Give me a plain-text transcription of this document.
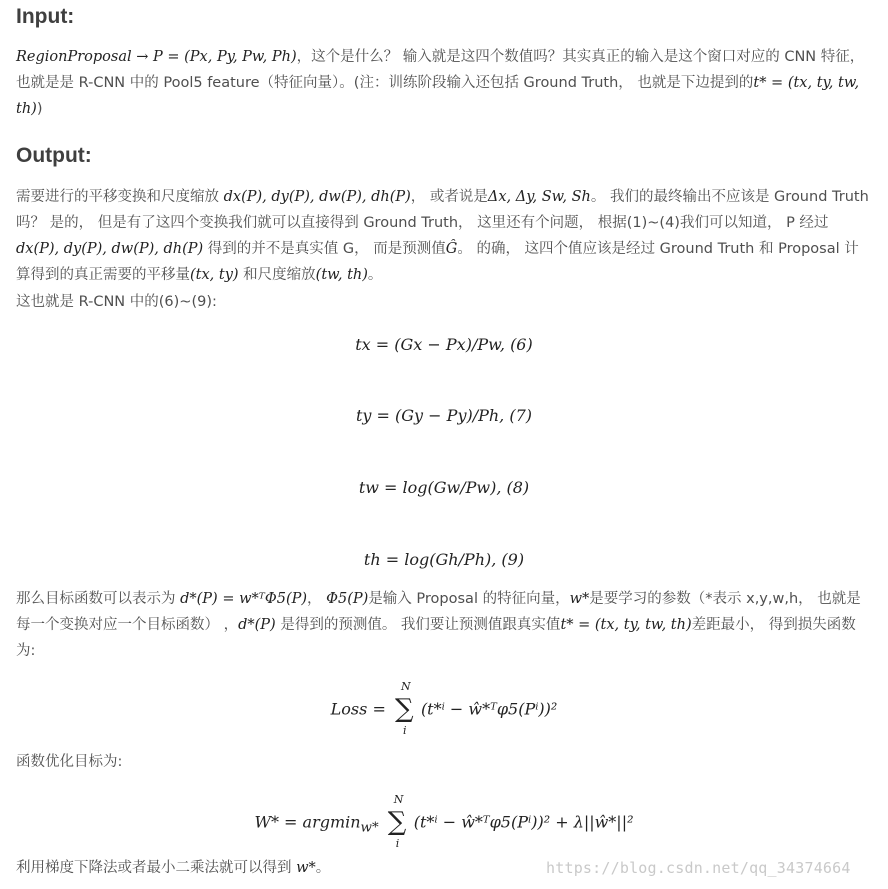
Input:
RegionProposal → P = (Px, Py, Pw, Ph)，这个是什么？ 输入就是这四个数值吗？其实真正的输入是这个窗口对应的 CNN 特征，也就是是 R-CNN 中的 Pool5 feature（特征向量）。(注：训练阶段输入还包括 Ground Truth， 也就是下边提到的t* = (tx, ty, tw, th))
Output:
需要进行的平移变换和尺度缩放 dx(P), dy(P), dw(P), dh(P)， 或者说是Δx, Δy, Sw, Sh。 我们的最终输出不应该是 Ground Truth 吗？ 是的， 但是有了这四个变换我们就可以直接得到 Ground Truth， 这里还有个问题， 根据(1)~(4)我们可以知道， P 经过 dx(P), dy(P), dw(P), dh(P) 得到的并不是真实值 G， 而是预测值Ĝ。 的确， 这四个值应该是经过 Ground Truth 和 Proposal 计算得到的真正需要的平移量(tx, ty) 和尺度缩放(tw, th)。
这也就是 R-CNN 中的(6)~(9):
tx = (Gx − Px)/Pw, (6)
ty = (Gy − Py)/Ph, (7)
tw = log(Gw/Pw), (8)
th = log(Gh/Ph), (9)
那么目标函数可以表示为 d*(P) = w*ᵀΦ5(P)， Φ5(P)是输入 Proposal 的特征向量，w*是要学习的参数（*表示 x,y,w,h， 也就是每一个变换对应一个目标函数） ，d*(P) 是得到的预测值。 我们要让预测值跟真实值t* = (tx, ty, tw, th)差距最小， 得到损失函数为:
Loss =
N
∑
i
(t*ⁱ − ŵ*ᵀφ5(Pⁱ))²
函数优化目标为:
W* = argmin$_{w*}$
N
∑
i
(t*ⁱ − ŵ*ᵀφ5(Pⁱ))² + λ||ŵ*||²
利用梯度下降法或者最小二乘法就可以得到 w*。	https://blog.csdn.net/qq_34374664
